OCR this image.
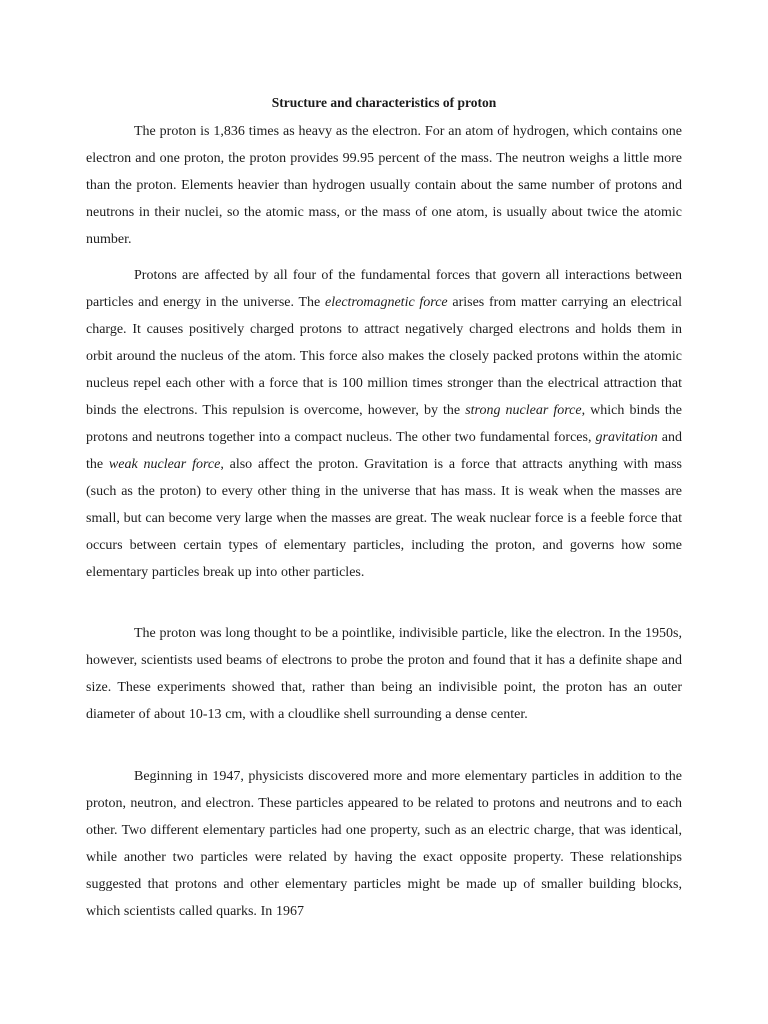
Structure and characteristics of proton

The proton is 1,836 times as heavy as the electron. For an atom of hydrogen, which contains one electron and one proton, the proton provides 99.95 percent of the mass. The neutron weighs a little more than the proton. Elements heavier than hydrogen usually contain about the same number of protons and neutrons in their nuclei, so the atomic mass, or the mass of one atom, is usually about twice the atomic number.

Protons are affected by all four of the fundamental forces that govern all interactions between particles and energy in the universe. The electromagnetic force arises from matter carrying an electrical charge. It causes positively charged protons to attract negatively charged electrons and holds them in orbit around the nucleus of the atom. This force also makes the closely packed protons within the atomic nucleus repel each other with a force that is 100 million times stronger than the electrical attraction that binds the electrons. This repulsion is overcome, however, by the strong nuclear force, which binds the protons and neutrons together into a compact nucleus. The other two fundamental forces, gravitation and the weak nuclear force, also affect the proton. Gravitation is a force that attracts anything with mass (such as the proton) to every other thing in the universe that has mass. It is weak when the masses are small, but can become very large when the masses are great. The weak nuclear force is a feeble force that occurs between certain types of elementary particles, including the proton, and governs how some elementary particles break up into other particles.

The proton was long thought to be a pointlike, indivisible particle, like the electron. In the 1950s, however, scientists used beams of electrons to probe the proton and found that it has a definite shape and size. These experiments showed that, rather than being an indivisible point, the proton has an outer diameter of about 10-13 cm, with a cloudlike shell surrounding a dense center.

Beginning in 1947, physicists discovered more and more elementary particles in addition to the proton, neutron, and electron. These particles appeared to be related to protons and neutrons and to each other. Two different elementary particles had one property, such as an electric charge, that was identical, while another two particles were related by having the exact opposite property. These relationships suggested that protons and other elementary particles might be made up of smaller building blocks, which scientists called quarks. In 1967
